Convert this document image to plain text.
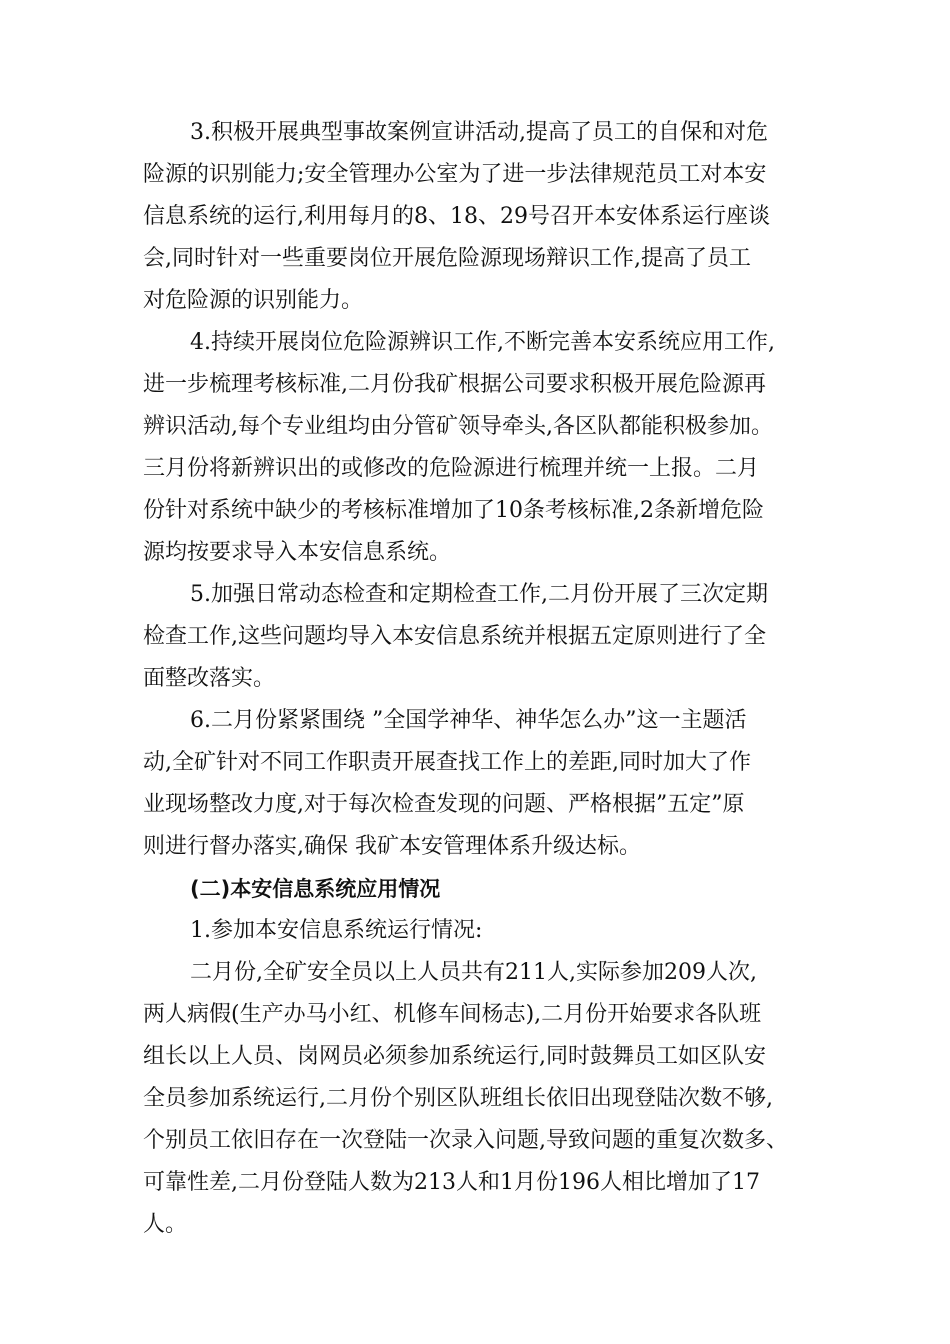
3.积极开展典型事故案例宣讲活动,提高了员工的自保和对危
险源的识别能力;安全管理办公室为了进一步法律规范员工对本安
信息系统的运行,利用每月的8、18、29号召开本安体系运行座谈
会,同时针对一些重要岗位开展危险源现场辩识工作,提高了员工
对危险源的识别能力。
4.持续开展岗位危险源辨识工作,不断完善本安系统应用工作,
进一步梳理考核标准,二月份我矿根据公司要求积极开展危险源再
辨识活动,每个专业组均由分管矿领导牵头,各区队都能积极参加。
三月份将新辨识出的或修改的危险源进行梳理并统一上报。二月
份针对系统中缺少的考核标准增加了10条考核标准,2条新增危险
源均按要求导入本安信息系统。
5.加强日常动态检查和定期检查工作,二月份开展了三次定期
检查工作,这些问题均导入本安信息系统并根据五定原则进行了全
面整改落实。
6.二月份紧紧围绕 ”全国学神华、神华怎么办”这一主题活
动,全矿针对不同工作职责开展查找工作上的差距,同时加大了作
业现场整改力度,对于每次检查发现的问题、严格根据”五定”原
则进行督办落实,确保 我矿本安管理体系升级达标。
(二)本安信息系统应用情况
1.参加本安信息系统运行情况:
二月份,全矿安全员以上人员共有211人,实际参加209人次,
两人病假(生产办马小红、机修车间杨志),二月份开始要求各队班
组长以上人员、岗网员必须参加系统运行,同时鼓舞员工如区队安
全员参加系统运行,二月份个别区队班组长依旧出现登陆次数不够,
个别员工依旧存在一次登陆一次录入问题,导致问题的重复次数多、
可靠性差,二月份登陆人数为213人和1月份196人相比增加了17
人。
